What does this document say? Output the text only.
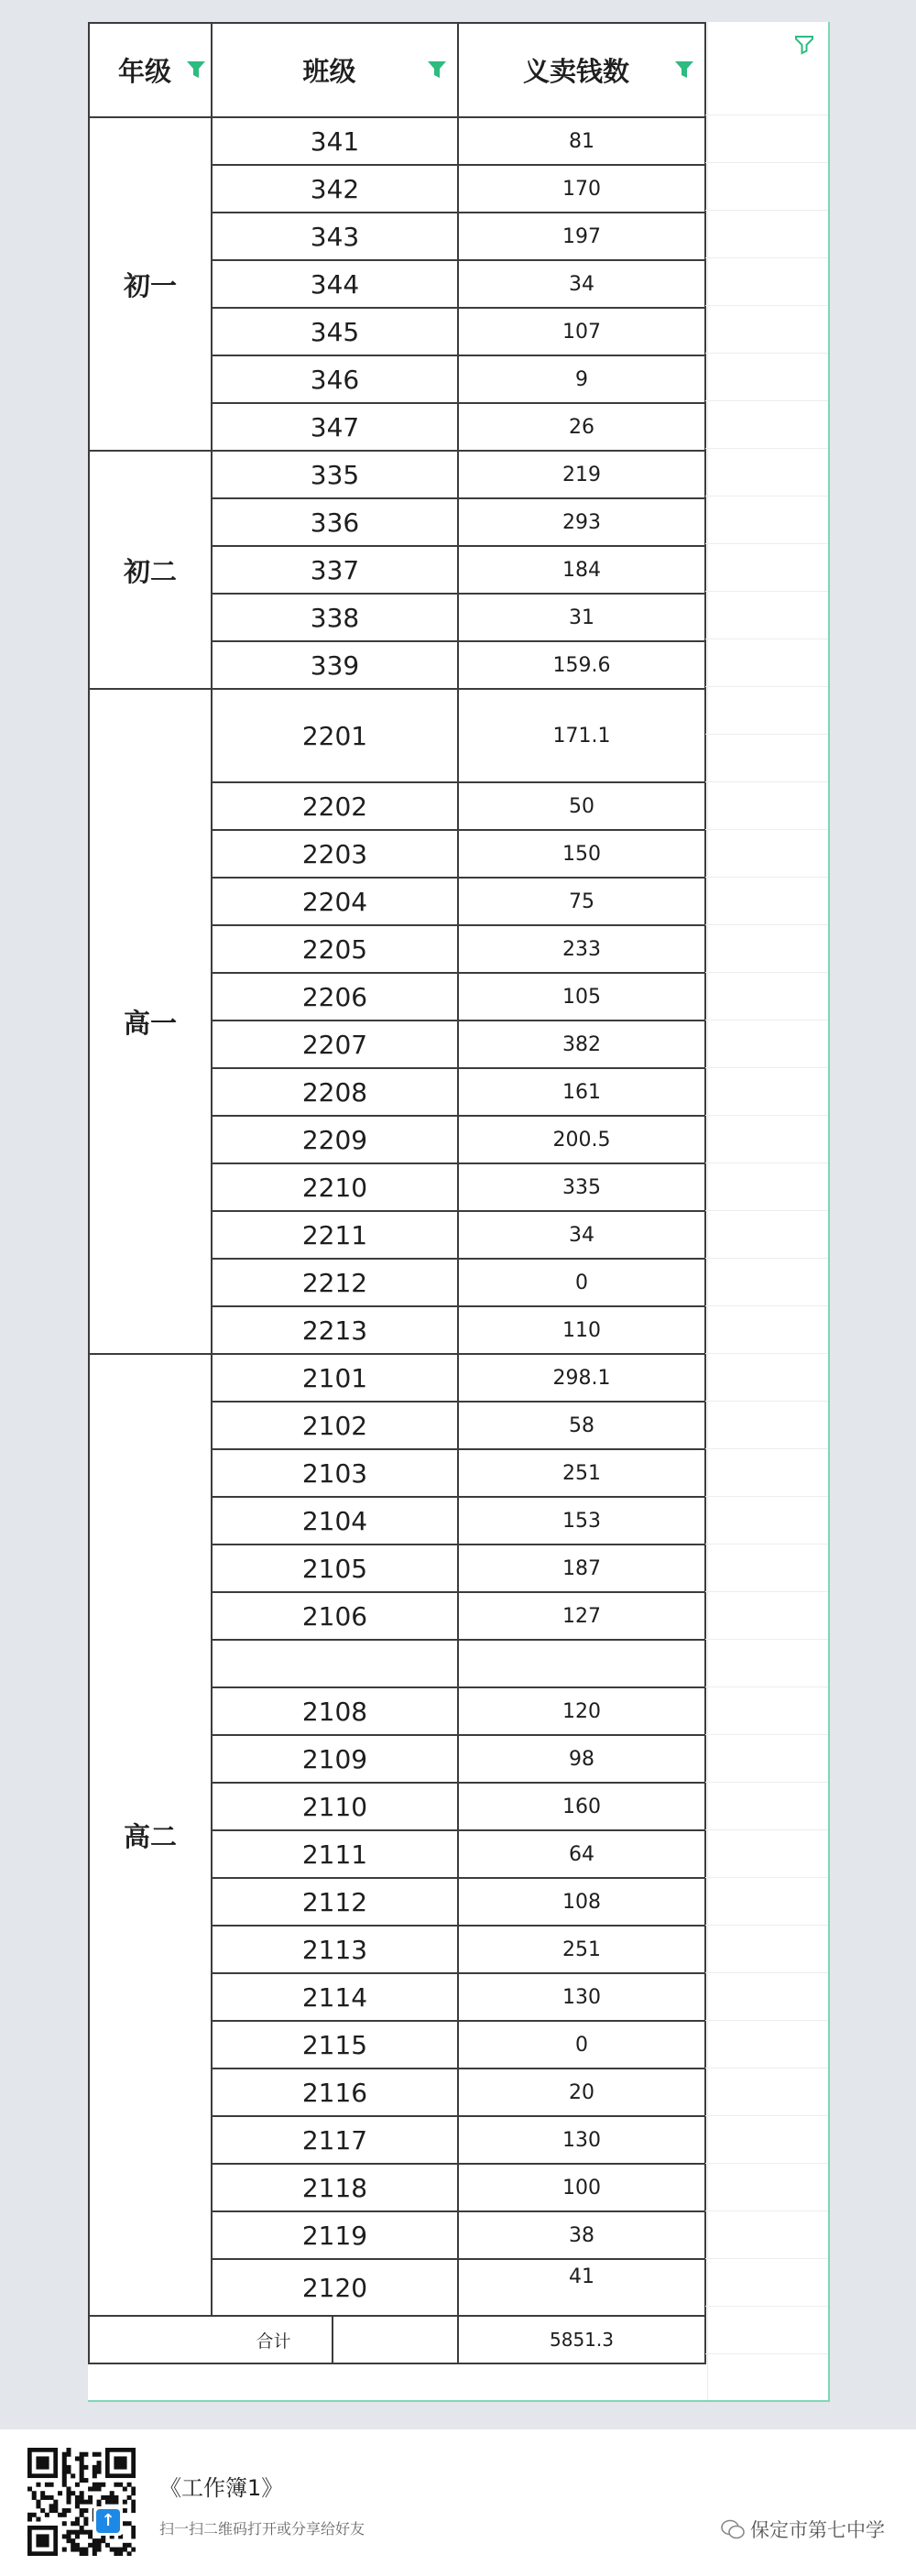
年级	班级	义卖钱数

初一	341	81
	342	170
	343	197
	344	34
	345	107
	346	9
	347	26
初二	335	219
	336	293
	337	184
	338	31
	339	159.6
高一	2201	171.1
	2202	50
	2203	150
	2204	75
	2205	233
	2206	105
	2207	382
	2208	161
	2209	200.5
	2210	335
	2211	34
	2212	0
	2213	110
高二	2101	298.1
	2102	58
	2103	251
	2104	153
	2105	187
	2106	127

	2108	120
	2109	98
	2110	160
	2111	64
	2112	108
	2113	251
	2114	130
	2115	0
	2116	20
	2117	130
	2118	100
	2119	38
	2120	41
合计		5851.3
↑
《工作簿1》
扫一扫二维码打开或分享给好友	保定市第七中学
